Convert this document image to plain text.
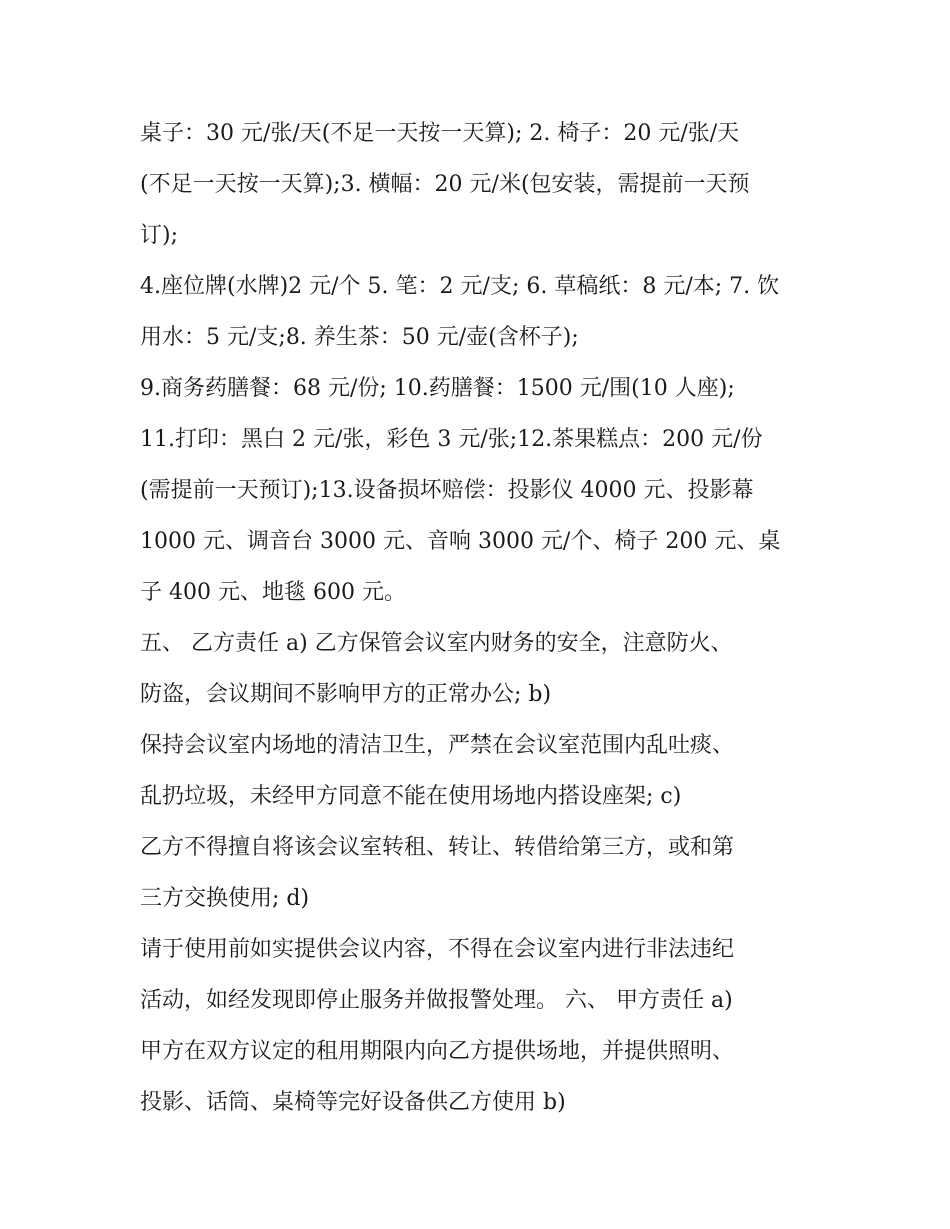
桌子：30 元/张/天(不足一天按一天算); 2. 椅子：20 元/张/天
(不足一天按一天算);3. 横幅：20 元/米(包安装，需提前一天预
订);
4.座位牌(水牌)2 元/个 5. 笔：2 元/支; 6. 草稿纸：8 元/本; 7. 饮
用水：5 元/支;8. 养生茶：50 元/壶(含杯子);
9.商务药膳餐：68 元/份; 10.药膳餐：1500 元/围(10 人座);
11.打印：黑白 2 元/张，彩色 3 元/张;12.茶果糕点：200 元/份
(需提前一天预订);13.设备损坏赔偿：投影仪 4000 元、投影幕
1000 元、调音台 3000 元、音响 3000 元/个、椅子 200 元、桌
子 400 元、地毯 600 元。
五、 乙方责任 a) 乙方保管会议室内财务的安全，注意防火、
防盗，会议期间不影响甲方的正常办公; b)
保持会议室内场地的清洁卫生，严禁在会议室范围内乱吐痰、
乱扔垃圾，未经甲方同意不能在使用场地内搭设座架; c)
乙方不得擅自将该会议室转租、转让、转借给第三方，或和第
三方交换使用; d)
请于使用前如实提供会议内容，不得在会议室内进行非法违纪
活动，如经发现即停止服务并做报警处理。 六、 甲方责任 a)
甲方在双方议定的租用期限内向乙方提供场地，并提供照明、
投影、话筒、桌椅等完好设备供乙方使用 b)
